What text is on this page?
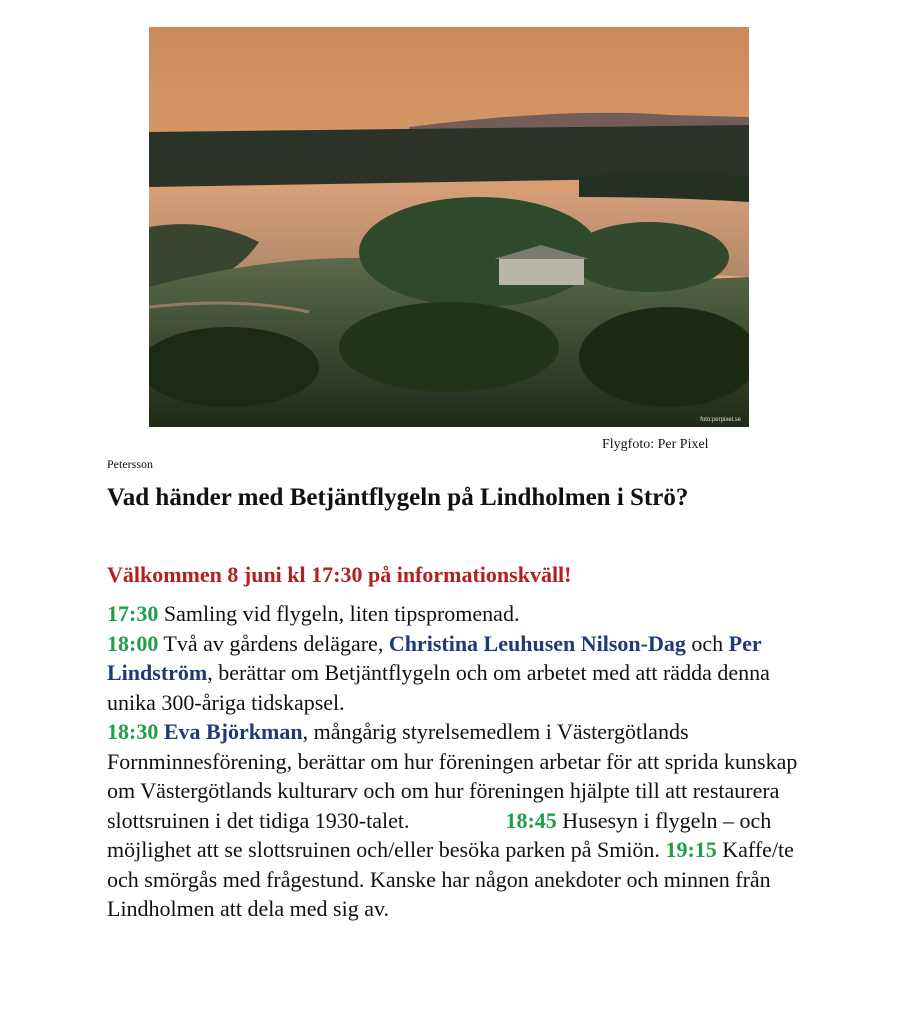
foto:perpixel.se
Flygfoto: Per Pixel
Petersson
Vad händer med Betjäntflygeln på Lindholmen i Strö?

Välkommen 8 juni kl 17:30 på informationskväll!

17:30 Samling vid flygeln, liten tipspromenad.
18:00 Två av gårdens delägare, Christina Leuhusen Nilson-Dag och Per Lindström, berättar om Betjäntflygeln och om arbetet med att rädda denna unika 300-åriga tidskapsel.
18:30 Eva Björkman, mångårig styrelsemedlem i Västergötlands Fornminnesförening, berättar om hur föreningen arbetar för att sprida kunskap om Västergötlands kulturarv och om hur föreningen hjälpte till att restaurera slottsruinen i det tidiga 1930-talet.	18:45 Husesyn i flygeln – och möjlighet att se slottsruinen och/eller besöka parken på Smiön. 19:15 Kaffe/te och smörgås med frågestund. Kanske har någon anekdoter och minnen från Lindholmen att dela med sig av.
